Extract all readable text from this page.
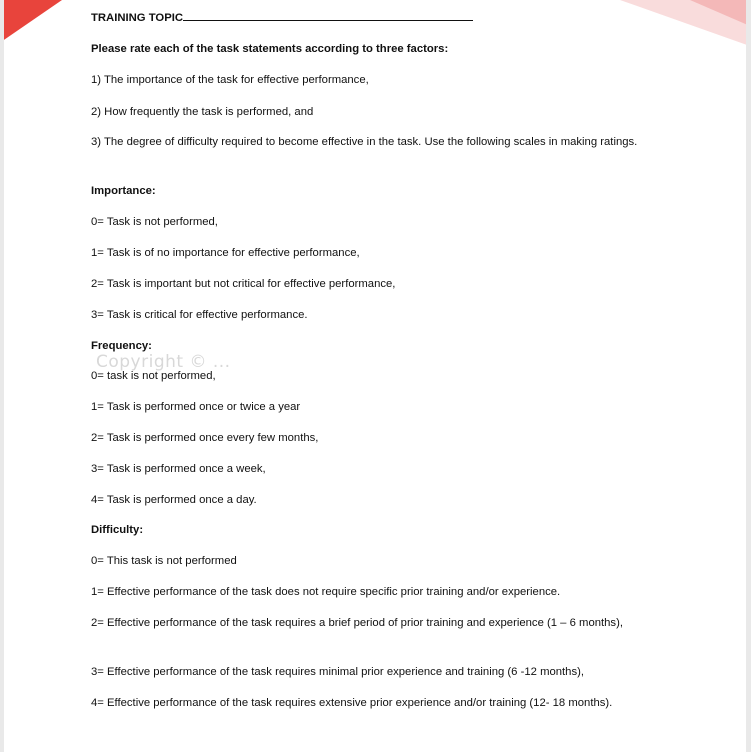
TRAINING TOPIC

Please rate each of the task statements according to three factors:

1) The importance of the task for effective performance,

2) How frequently the task is performed, and

3) The degree of difficulty required to become effective in the task. Use the following scales in making ratings.

Importance:

0= Task is not performed,

1= Task is of no importance for effective performance,

2= Task is important but not critical for effective performance,

3= Task is critical for effective performance.

Frequency:

Copyright © ...

0= task is not performed,

1= Task is performed once or twice a year

2= Task is performed once every few months,

3= Task is performed once a week,

4= Task is performed once a day.

Difficulty:

0= This task is not performed

1= Effective performance of the task does not require specific prior training and/or experience.

2= Effective performance of the task requires a brief period of prior training and experience (1 – 6 months),

3= Effective performance of the task requires minimal prior experience and training (6 -12 months),

4= Effective performance of the task requires extensive prior experience and/or training (12- 18 months).
